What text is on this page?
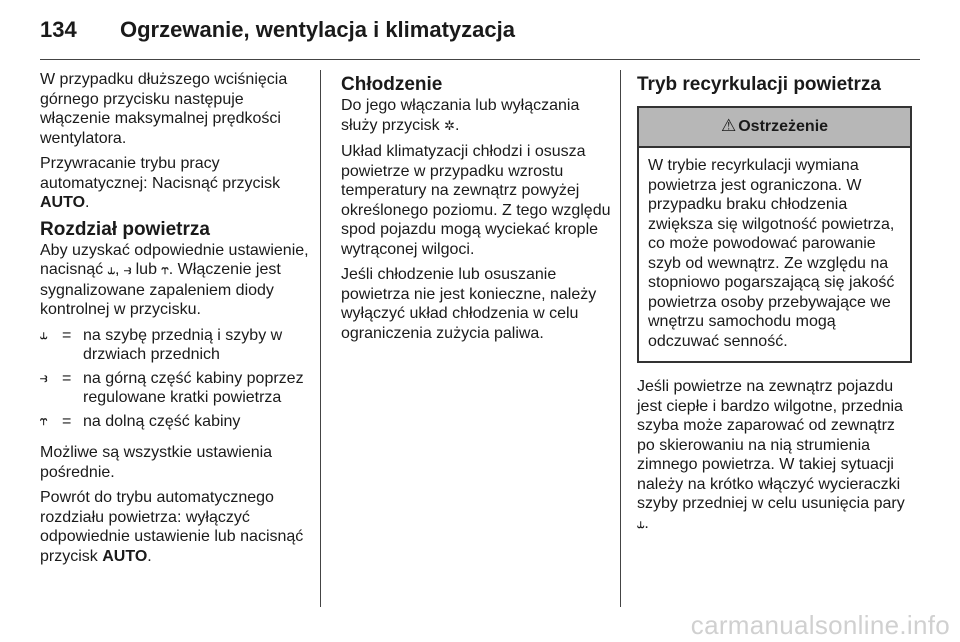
134	Ogrzewanie, wentylacja i klimatyzacja

W przypadku dłuższego wciśnięcia górnego przycisku następuje włączenie maksymalnej prędkości wentylatora.

Przywracanie trybu pracy automatycznej: Nacisnąć przycisk AUTO.

Rozdział powietrza

Aby uzyskać odpowiednie ustawienie, nacisnąć ⥿, ⥽ lub ⥾. Włączenie jest sygnalizowane zapaleniem diody kontrolnej w przycisku.

⥿ = na szybę przednią i szyby w drzwiach przednich
⥽ = na górną część kabiny poprzez regulowane kratki powietrza
⥾ = na dolną część kabiny

Możliwe są wszystkie ustawienia pośrednie.

Powrót do trybu automatycznego rozdziału powietrza: wyłączyć odpowiednie ustawienie lub nacisnąć przycisk AUTO.

Chłodzenie

Do jego włączania lub wyłączania służy przycisk ✲.

Układ klimatyzacji chłodzi i osusza powietrze w przypadku wzrostu temperatury na zewnątrz powyżej określonego poziomu. Z tego względu spod pojazdu mogą wyciekać krople wytrąconej wilgoci.

Jeśli chłodzenie lub osuszanie powietrza nie jest konieczne, należy wyłączyć układ chłodzenia w celu ograniczenia zużycia paliwa.

Tryb recyrkulacji powietrza
⚠ Ostrzeżenie
W trybie recyrkulacji wymiana powietrza jest ograniczona. W przypadku braku chłodzenia zwiększa się wilgotność powietrza, co może powodować parowanie szyb od wewnątrz. Ze względu na stopniowo pogarszającą się jakość powietrza osoby przebywające we wnętrzu samochodu mogą odczuwać senność.

Jeśli powietrze na zewnątrz pojazdu jest ciepłe i bardzo wilgotne, przednia szyba może zaparować od zewnątrz po skierowaniu na nią strumienia zimnego powietrza. W takiej sytuacji należy na krótko włączyć wycieraczki szyby przedniej w celu usunięcia pary ⥿.

carmanualsonline.info
